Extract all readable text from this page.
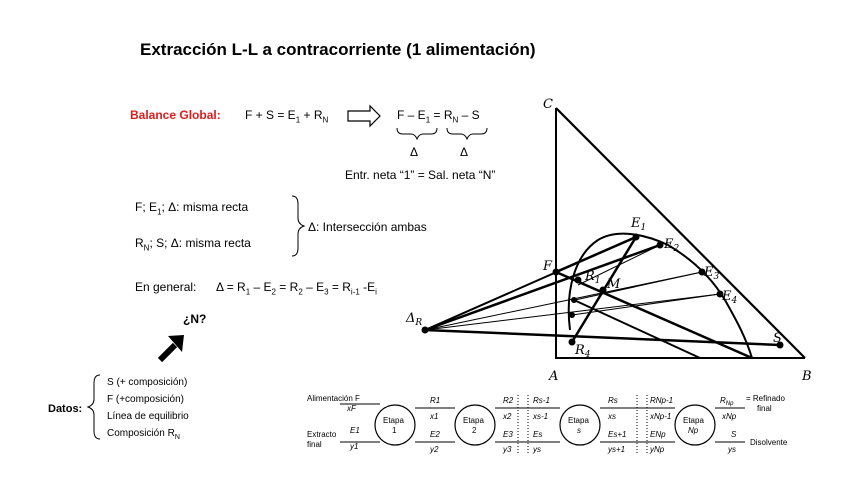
Extracción L-L a contracorriente (1 alimentación)
Balance Global: $F + S = E_1 + R_N$	$F - E_1 = R_N - S$
Δ	Δ
Entr. neta “1” = Sal. neta “N”
F; $E_1$; Δ: misma recta
$R_N$; S; Δ: misma recta
Δ: Intersección ambas
En general: $\Delta = R_1 - E_2 = R_2 - E_3 = R_{i-1}$ $-E_i$
¿N?
Datos:
S (+ composición)
F (+composición)
Línea de equilibrio
Composición $R_N$
C
A	B
F
$E_1$
$E_2$
$E_3$
$E_4$
$R_1$ M
S
$R_4$
$\Delta_R$
Alimentación F
xF
Extracto
final
E1
y1
Etapa
1
Etapa
2
Etapa
s
Etapa
Np
R1
x1
E2
y2
R2
x2
E3
y3
Rs-1
xs-1
Es
ys
Rs
xs
Es+1
ys+1
RNp-1
xNp-1
ENp
yNp
xNp
ys
$R_{Np}$
= Refinado
final
S
Disolvente
